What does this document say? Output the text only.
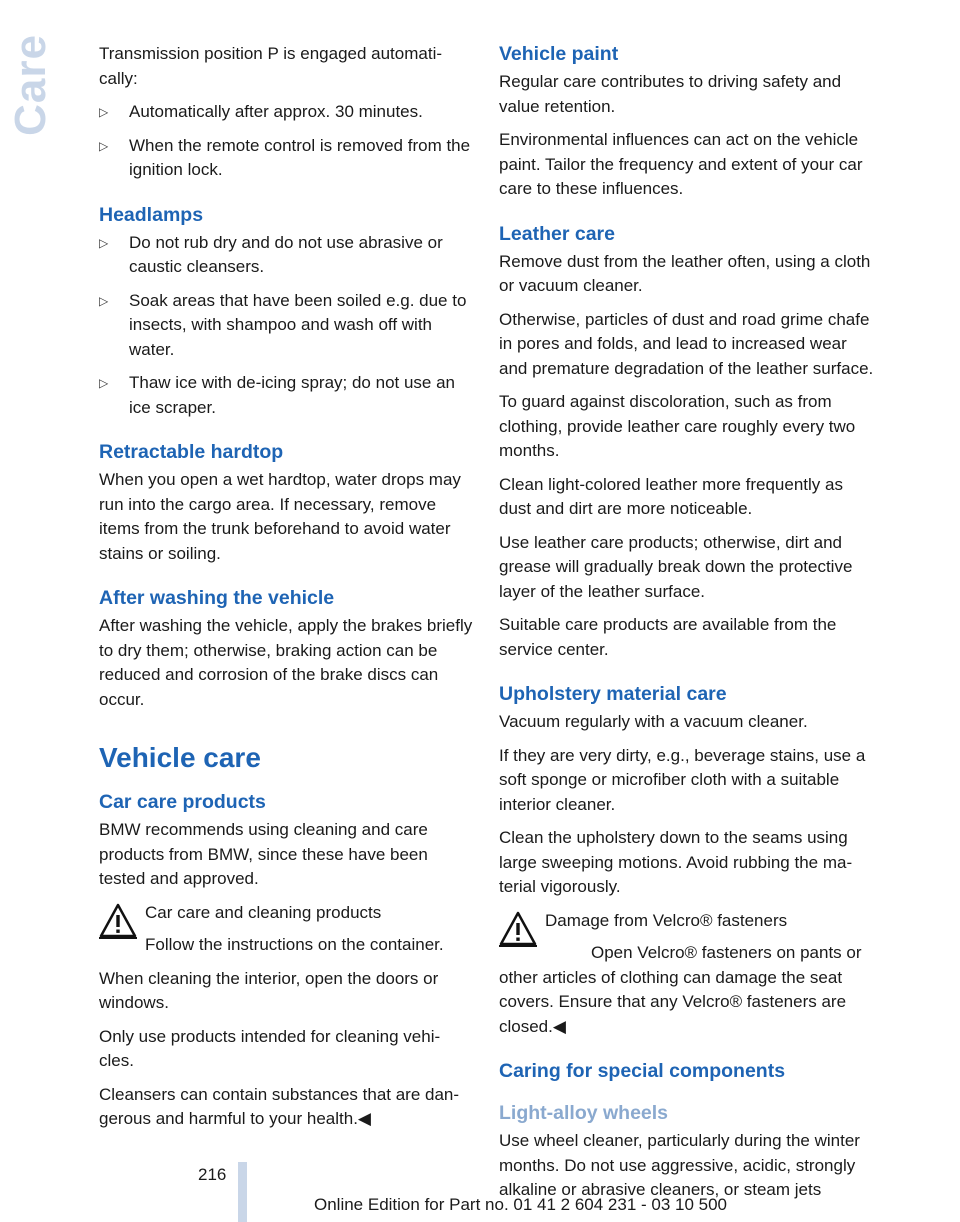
Care	Transmission position P is engaged automati‐cally:

▷ Automatically after approx. 30 minutes.
▷ When the remote control is removed from the ignition lock.
Headlamps
▷ Do not rub dry and do not use abrasive or caustic cleansers.
▷ Soak areas that have been soiled e.g. due to insects, with shampoo and wash off with water.
▷ Thaw ice with de-icing spray; do not use an ice scraper.
Retractable hardtop

When you open a wet hardtop, water drops may run into the cargo area. If necessary, remove items from the trunk beforehand to avoid water stains or soiling.

After washing the vehicle

After washing the vehicle, apply the brakes briefly to dry them; otherwise, braking action can be reduced and corrosion of the brake discs can occur.

Vehicle care
Car care products

BMW recommends using cleaning and care products from BMW, since these have been tested and approved.

Car care and cleaning products
Follow the instructions on the container.

When cleaning the interior, open the doors or windows.

Only use products intended for cleaning vehi‐cles.

Cleansers can contain substances that are dan‐gerous and harmful to your health.◀

Vehicle paint

Regular care contributes to driving safety and value retention.

Environmental influences can act on the vehicle paint. Tailor the frequency and extent of your car care to these influences.

Leather care

Remove dust from the leather often, using a cloth or vacuum cleaner.

Otherwise, particles of dust and road grime chafe in pores and folds, and lead to increased wear and premature degradation of the leather surface.

To guard against discoloration, such as from clothing, provide leather care roughly every two months.

Clean light-colored leather more frequently as dust and dirt are more noticeable.

Use leather care products; otherwise, dirt and grease will gradually break down the protective layer of the leather surface.

Suitable care products are available from the service center.

Upholstery material care

Vacuum regularly with a vacuum cleaner.

If they are very dirty, e.g., beverage stains, use a soft sponge or microfiber cloth with a suitable interior cleaner.

Clean the upholstery down to the seams using large sweeping motions. Avoid rubbing the ma‐terial vigorously.

Damage from Velcro® fasteners
Open Velcro® fasteners on pants or other articles of clothing can damage the seat covers. Ensure that any Velcro® fasteners are closed.◀
Caring for special components
Light-alloy wheels

Use wheel cleaner, particularly during the winter months. Do not use aggressive, acidic, strongly alkaline or abrasive cleaners, or steam jets

216
Online Edition for Part no. 01 41 2 604 231 - 03 10 500
